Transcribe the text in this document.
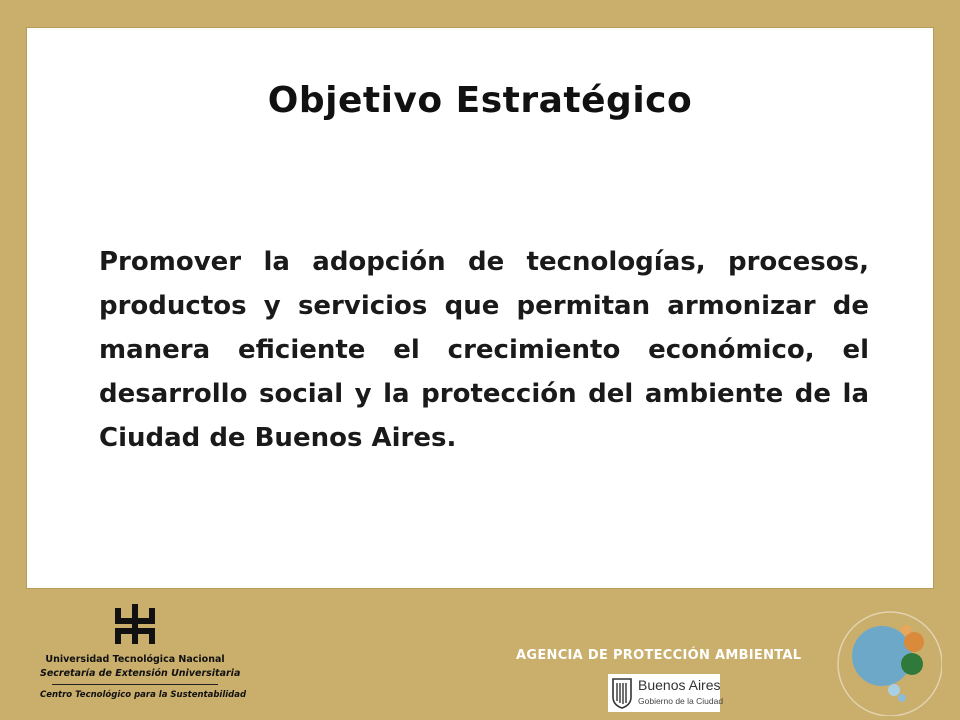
Objetivo Estratégico
Promover la adopción de tecnologías, procesos, productos y servicios que permitan armonizar de manera eficiente el crecimiento económico, el desarrollo social y la protección del ambiente de la Ciudad de Buenos Aires.
Universidad Tecnológica Nacional
Secretaría de Extensión Universitaria
Centro Tecnológico para la Sustentabilidad
AGENCIA DE PROTECCIÓN AMBIENTAL
Buenos Aires
Gobierno de la Ciudad
